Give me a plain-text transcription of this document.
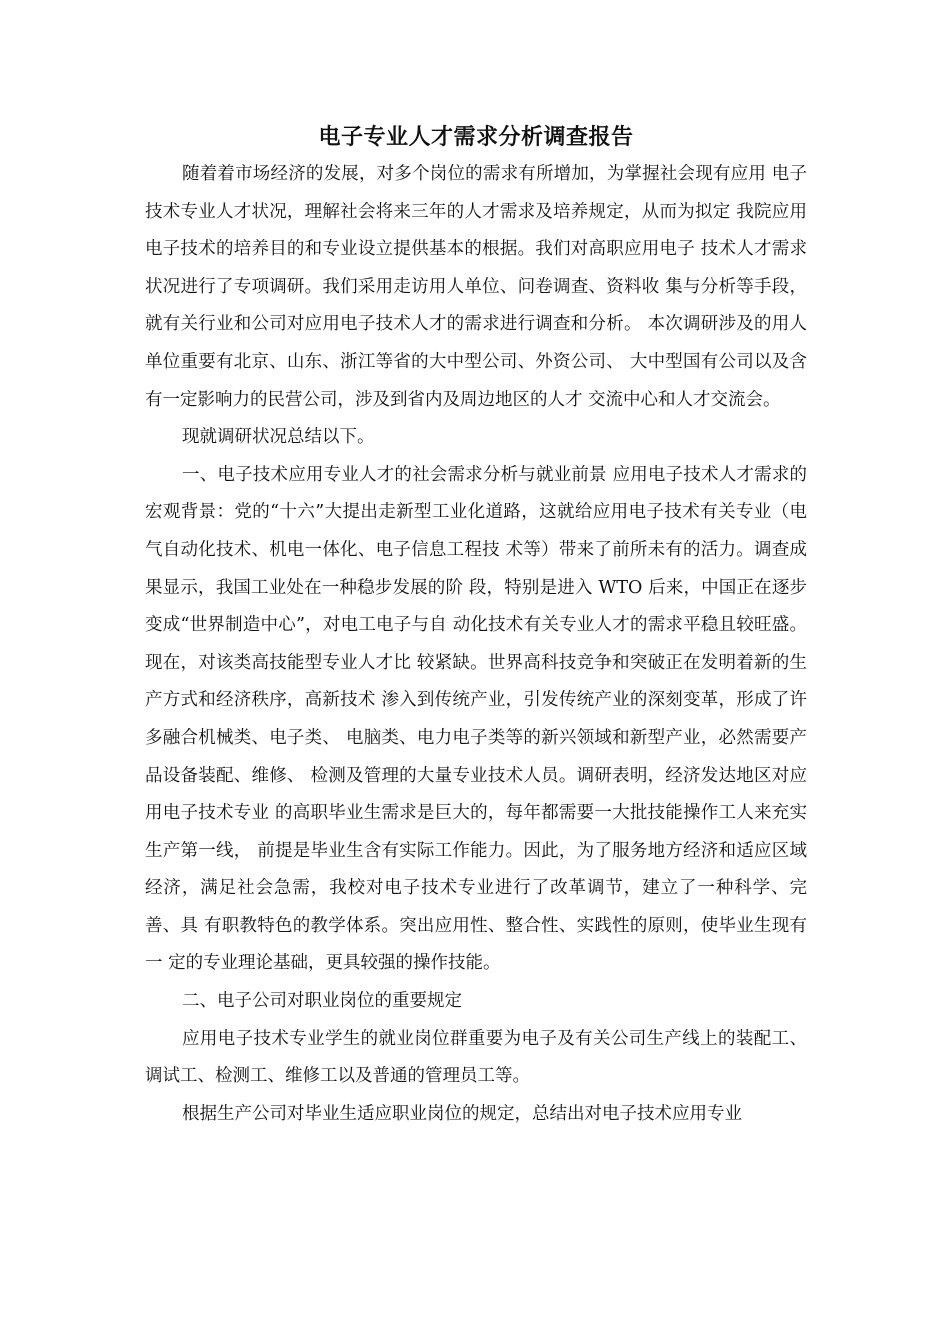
电子专业人才需求分析调查报告

随着着市场经济的发展，对多个岗位的需求有所增加，为掌握社会现有应用 电子技术专业人才状况，理解社会将来三年的人才需求及培养规定，从而为拟定 我院应用电子技术的培养目的和专业设立提供基本的根据。我们对高职应用电子 技术人才需求状况进行了专项调研。我们采用走访用人单位、问卷调查、资料收 集与分析等手段，就有关行业和公司对应用电子技术人才的需求进行调查和分析。 本次调研涉及的用人单位重要有北京、山东、浙江等省的大中型公司、外资公司、 大中型国有公司以及含有一定影响力的民营公司，涉及到省内及周边地区的人才 交流中心和人才交流会。

现就调研状况总结以下。

一、电子技术应用专业人才的社会需求分析与就业前景 应用电子技术人才需求的宏观背景：党的“十六”大提出走新型工业化道路，这就给应用电子技术有关专业（电气自动化技术、机电一体化、电子信息工程技 术等）带来了前所未有的活力。调查成果显示，我国工业处在一种稳步发展的阶 段，特别是进入 WTO 后来，中国正在逐步变成“世界制造中心”，对电工电子与自 动化技术有关专业人才的需求平稳且较旺盛。现在，对该类高技能型专业人才比 较紧缺。世界高科技竞争和突破正在发明着新的生产方式和经济秩序，高新技术 渗入到传统产业，引发传统产业的深刻变革，形成了许多融合机械类、电子类、 电脑类、电力电子类等的新兴领域和新型产业，必然需要产品设备装配、维修、 检测及管理的大量专业技术人员。调研表明，经济发达地区对应用电子技术专业 的高职毕业生需求是巨大的，每年都需要一大批技能操作工人来充实生产第一线， 前提是毕业生含有实际工作能力。因此，为了服务地方经济和适应区域经济，满足社会急需，我校对电子技术专业进行了改革调节，建立了一种科学、完善、具 有职教特色的教学体系。突出应用性、整合性、实践性的原则，使毕业生现有一 定的专业理论基础，更具较强的操作技能。

二、电子公司对职业岗位的重要规定

应用电子技术专业学生的就业岗位群重要为电子及有关公司生产线上的装配工、调试工、检测工、维修工以及普通的管理员工等。

根据生产公司对毕业生适应职业岗位的规定，总结出对电子技术应用专业
